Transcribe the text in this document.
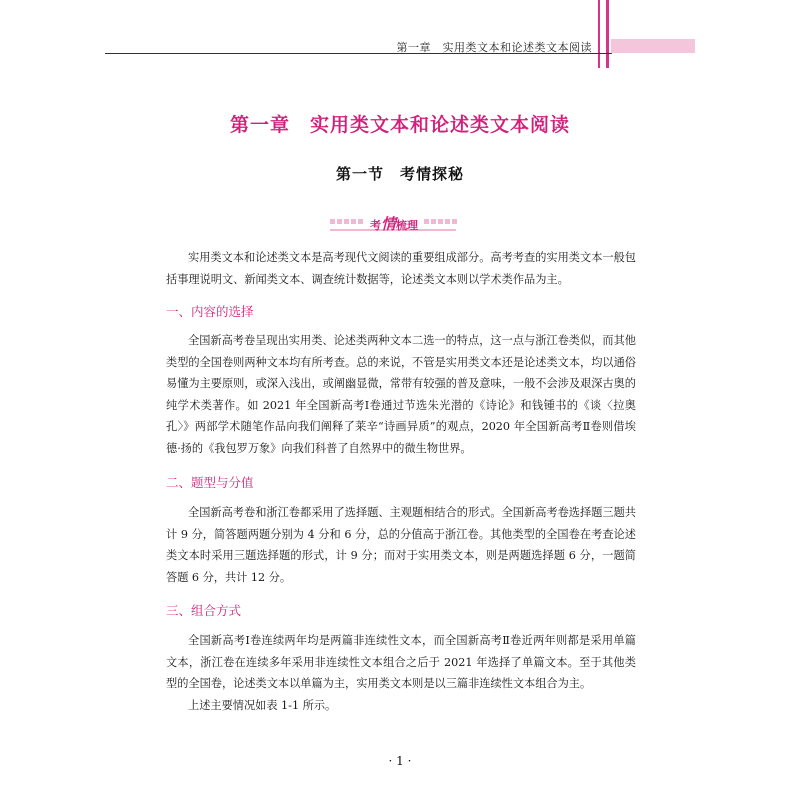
第一章　实用类文本和论述类文本阅读
第一章　实用类文本和论述类文本阅读
第一节　考情探秘
考情梳理

实用类文本和论述类文本是高考现代文阅读的重要组成部分。高考考查的实用类文本一般包括事理说明文、新闻类文本、调查统计数据等，论述类文本则以学术类作品为主。

一、内容的选择

全国新高考卷呈现出实用类、论述类两种文本二选一的特点，这一点与浙江卷类似，而其他类型的全国卷则两种文本均有所考查。总的来说，不管是实用类文本还是论述类文本，均以通俗易懂为主要原则，或深入浅出，或阐幽显微，常带有较强的普及意味，一般不会涉及艰深古奥的纯学术类著作。如 2021 年全国新高考Ⅰ卷通过节选朱光潜的《诗论》和钱锺书的《谈〈拉奥孔〉》两部学术随笔作品向我们阐释了莱辛“诗画异质”的观点，2020 年全国新高考Ⅱ卷则借埃德·扬的《我包罗万象》向我们科普了自然界中的微生物世界。

二、题型与分值

全国新高考卷和浙江卷都采用了选择题、主观题相结合的形式。全国新高考卷选择题三题共计 9 分，简答题两题分别为 4 分和 6 分，总的分值高于浙江卷。其他类型的全国卷在考查论述类文本时采用三题选择题的形式，计 9 分；而对于实用类文本，则是两题选择题 6 分，一题简答题 6 分，共计 12 分。

三、组合方式

全国新高考Ⅰ卷连续两年均是两篇非连续性文本，而全国新高考Ⅱ卷近两年则都是采用单篇文本，浙江卷在连续多年采用非连续性文本组合之后于 2021 年选择了单篇文本。至于其他类型的全国卷，论述类文本以单篇为主，实用类文本则是以三篇非连续性文本组合为主。

上述主要情况如表 1-1 所示。

· 1 ·
